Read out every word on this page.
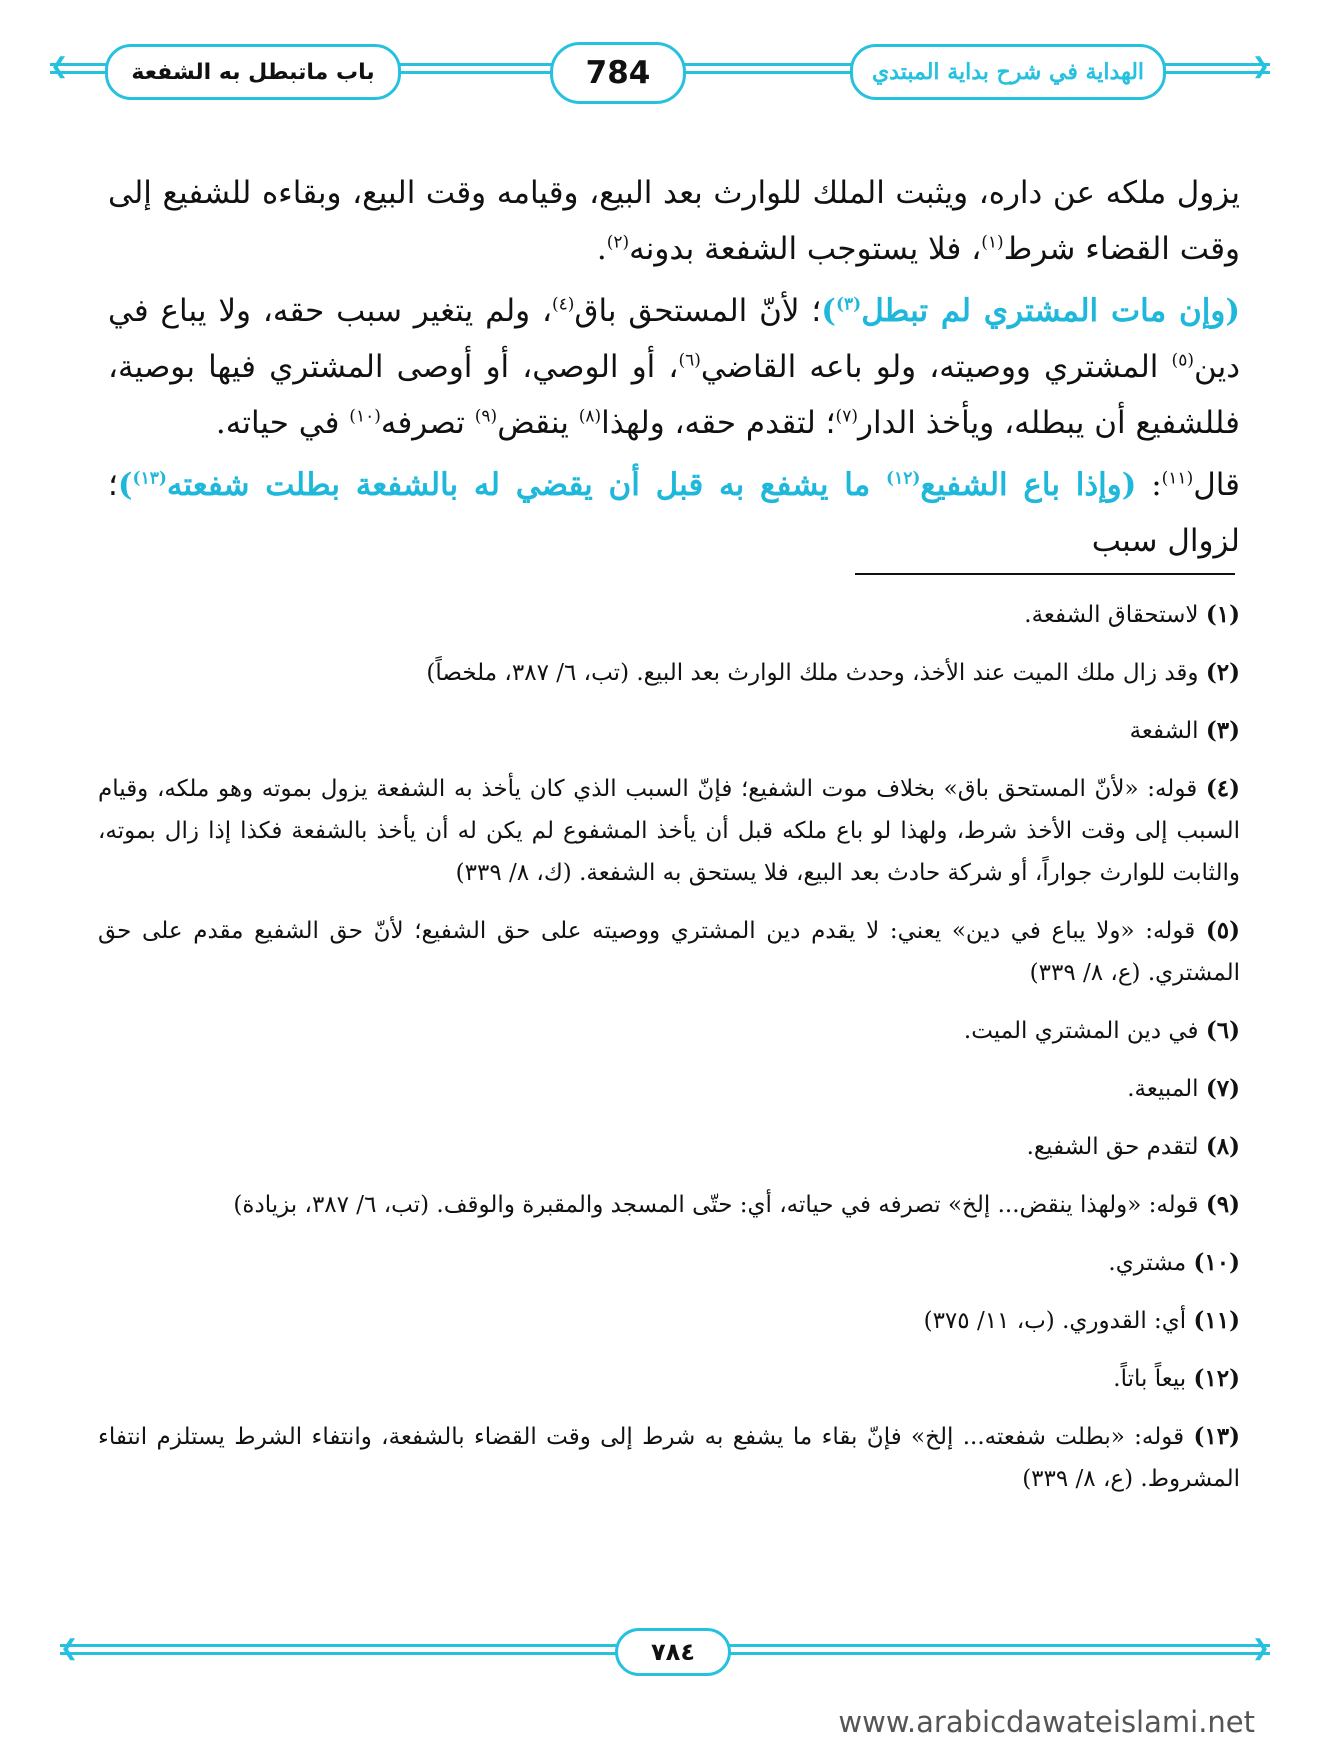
❮	❯
باب ماتبطل به الشفعة	784	الهداية في شرح بداية المبتدي

يزول ملكه عن داره، ويثبت الملك للوارث بعد البيع، وقيامه وقت البيع، وبقاءه للشفيع إلى وقت القضاء شرط$^{(١)}$، فلا يستوجب الشفعة بدونه$^{(٢)}$.

(وإن مات المشتري لم تبطل$^{(٣)}$)؛ لأنّ المستحق باق$^{(٤)}$، ولم يتغير سبب حقه، ولا يباع في دين$^{(٥)}$ المشتري ووصيته، ولو باعه القاضي$^{(٦)}$، أو الوصي، أو أوصى المشتري فيها بوصية، فللشفيع أن يبطله، ويأخذ الدار$^{(٧)}$؛ لتقدم حقه، ولهذا$^{(٨)}$ ينقض$^{(٩)}$ تصرفه$^{(١٠)}$ في حياته.

قال$^{(١١)}$: (وإذا باع الشفيع$^{(١٢)}$ ما يشفع به قبل أن يقضي له بالشفعة بطلت شفعته$^{(١٣)}$)؛ لزوال سبب

(١) لاستحقاق الشفعة.
(٢) وقد زال ملك الميت عند الأخذ، وحدث ملك الوارث بعد البيع. (تب، ٦/ ٣٨٧، ملخصاً)
(٣) الشفعة
(٤) قوله: «لأنّ المستحق باق» بخلاف موت الشفيع؛ فإنّ السبب الذي كان يأخذ به الشفعة يزول بموته وهو ملكه، وقيام السبب إلى وقت الأخذ شرط، ولهذا لو باع ملكه قبل أن يأخذ المشفوع لم يكن له أن يأخذ بالشفعة فكذا إذا زال بموته، والثابت للوارث جواراً، أو شركة حادث بعد البيع، فلا يستحق به الشفعة. (ك، ٨/ ٣٣٩)
(٥) قوله: «ولا يباع في دين» يعني: لا يقدم دين المشتري ووصيته على حق الشفيع؛ لأنّ حق الشفيع مقدم على حق المشتري. (ع، ٨/ ٣٣٩)
(٦) في دين المشتري الميت.
(٧) المبيعة.
(٨) لتقدم حق الشفيع.
(٩) قوله: «ولهذا ينقض... إلخ» تصرفه في حياته، أي: حتّى المسجد والمقبرة والوقف. (تب، ٦/ ٣٨٧، بزيادة)
(١٠) مشتري.
(١١) أي: القدوري. (ب، ١١/ ٣٧٥)
(١٢) بيعاً باتاً.
(١٣) قوله: «بطلت شفعته... إلخ» فإنّ بقاء ما يشفع به شرط إلى وقت القضاء بالشفعة، وانتفاء الشرط يستلزم انتفاء المشروط. (ع، ٨/ ٣٣٩)
❮	❯
٧٨٤
www.arabicdawateislami.net
